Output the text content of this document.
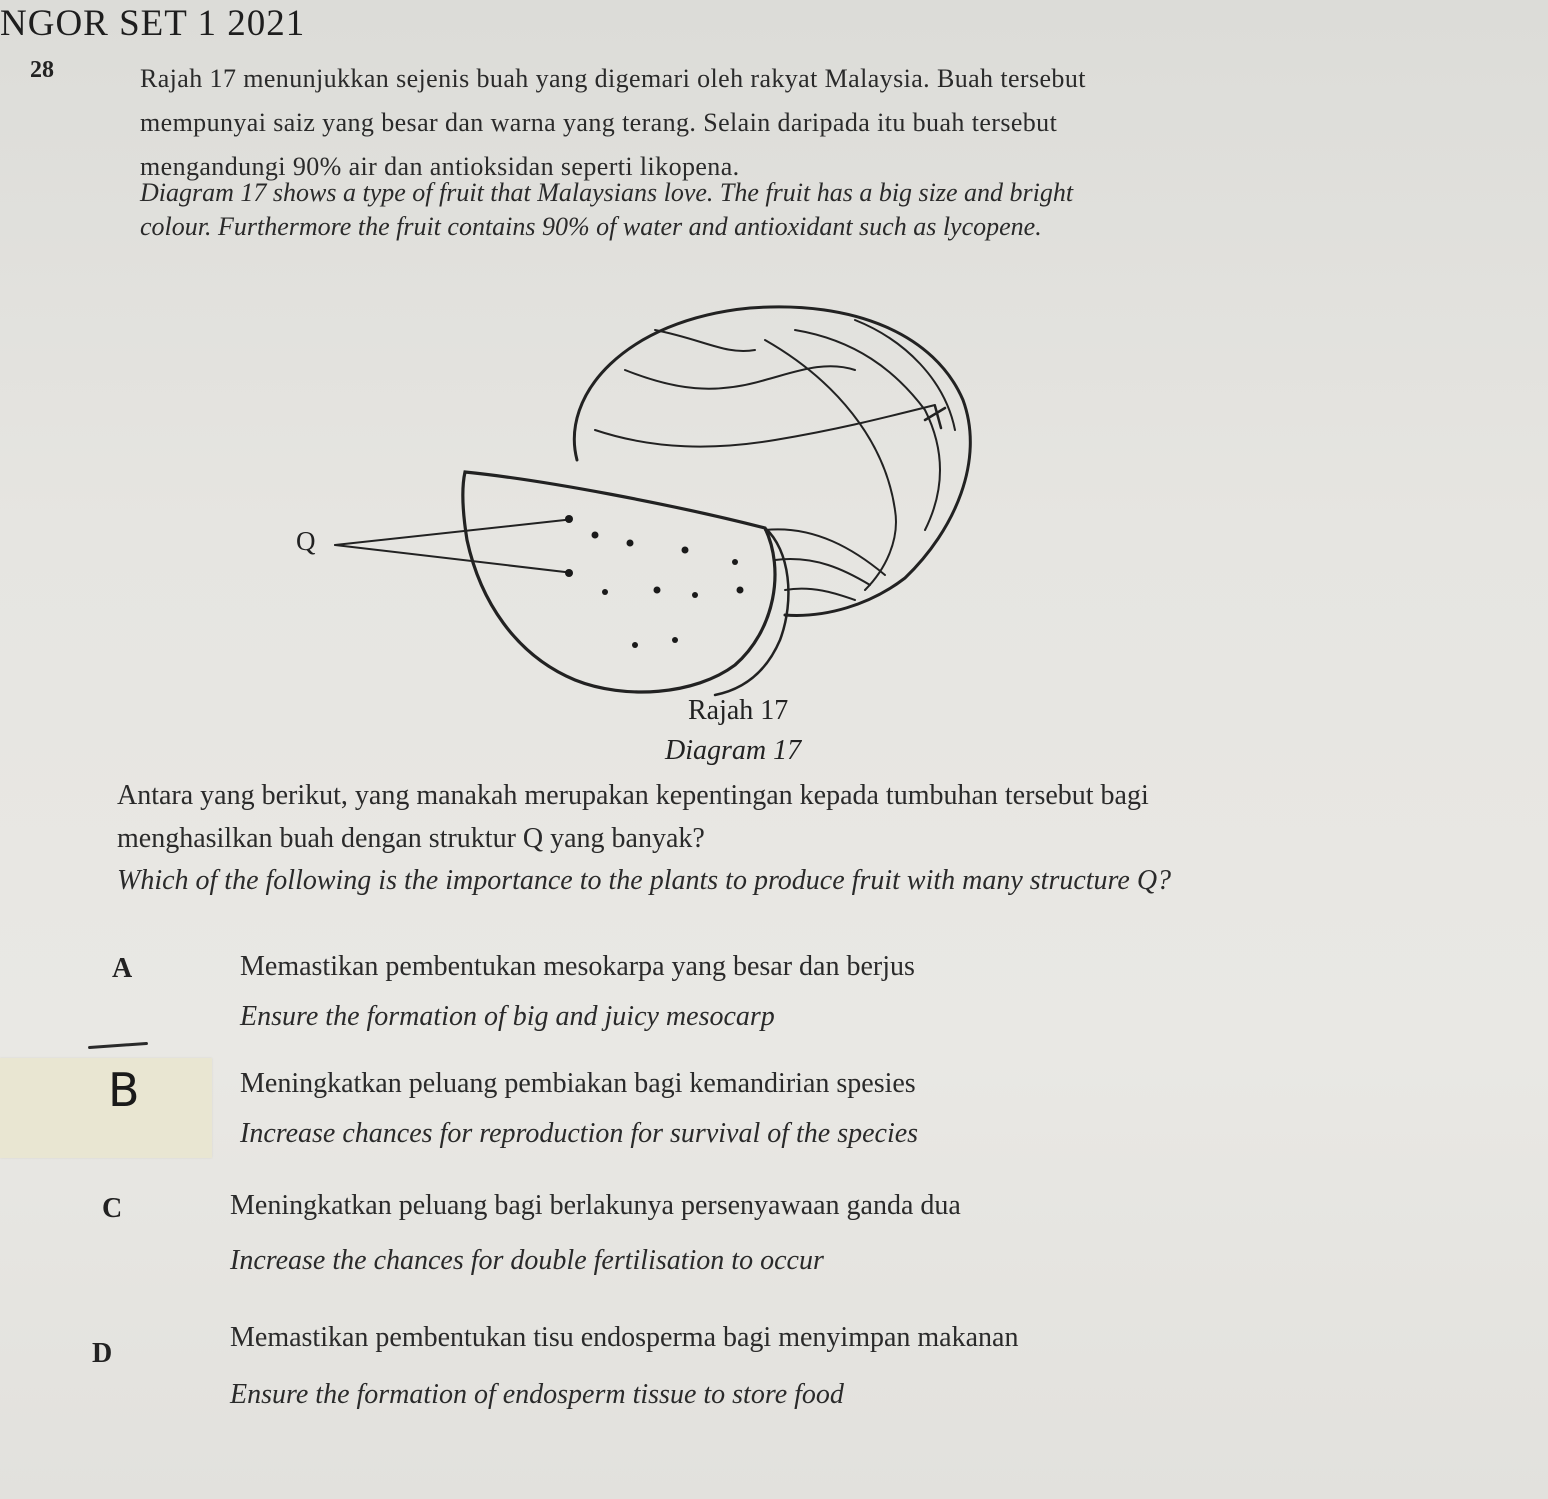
NGOR SET 1 2021
28	Rajah 17 menunjukkan sejenis buah yang digemari oleh rakyat Malaysia. Buah tersebut
mempunyai saiz yang besar dan warna yang terang. Selain daripada itu buah tersebut
mengandungi 90% air dan antioksidan seperti likopena.
Diagram 17 shows a type of fruit that Malaysians love. The fruit has a big size and bright
colour. Furthermore the fruit contains 90% of water and antioxidant such as lycopene.
Q
Rajah 17
Diagram 17
Antara yang berikut, yang manakah merupakan kepentingan kepada tumbuhan tersebut bagi
menghasilkan buah dengan struktur Q yang banyak?
Which of the following is the importance to the plants to produce fruit with many structure Q?
A	Memastikan pembentukan mesokarpa yang besar dan berjus
Ensure the formation of big and juicy mesocarp
B	Meningkatkan peluang pembiakan bagi kemandirian spesies
Increase chances for reproduction for survival of the species
C	Meningkatkan peluang bagi berlakunya persenyawaan ganda dua
Increase the chances for double fertilisation to occur
D
Memastikan pembentukan tisu endosperma bagi menyimpan makanan
Ensure the formation of endosperm tissue to store food
